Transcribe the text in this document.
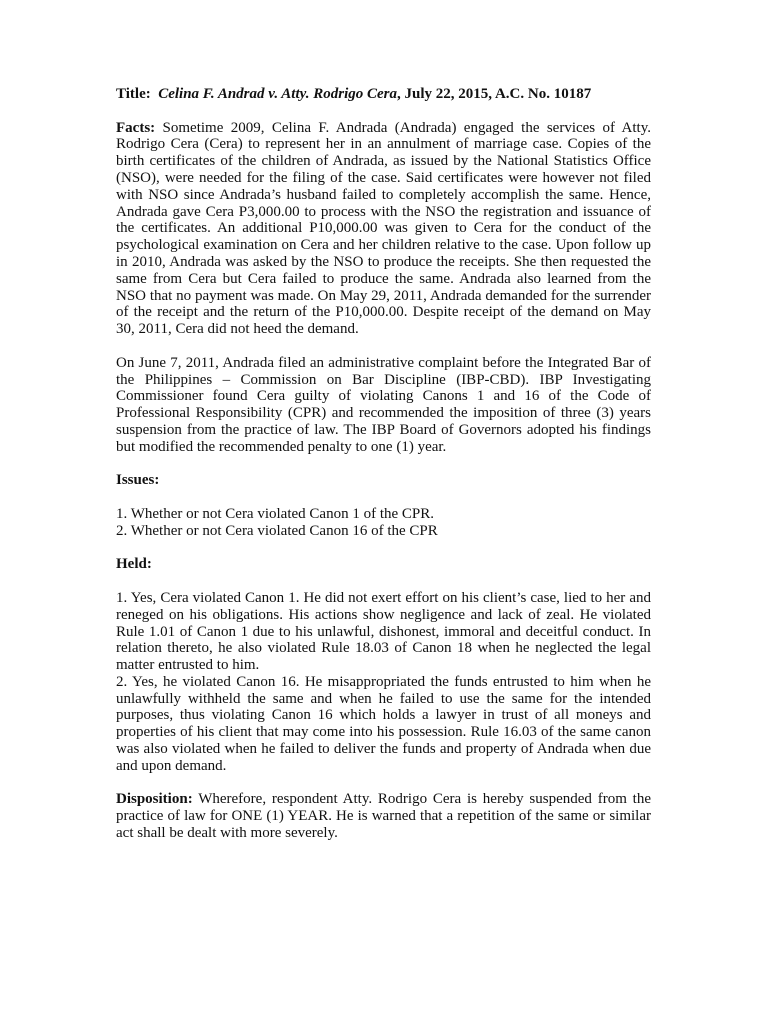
Title: Celina F. Andrad v. Atty. Rodrigo Cera, July 22, 2015, A.C. No. 10187

Facts: Sometime 2009, Celina F. Andrada (Andrada) engaged the services of Atty. Rodrigo Cera (Cera) to represent her in an annulment of marriage case. Copies of the birth certificates of the children of Andrada, as issued by the National Statistics Office (NSO), were needed for the filing of the case. Said certificates were however not filed with NSO since Andrada’s husband failed to completely accomplish the same. Hence, Andrada gave Cera P3,000.00 to process with the NSO the registration and issuance of the certificates. An additional P10,000.00 was given to Cera for the conduct of the psychological examination on Cera and her children relative to the case. Upon follow up in 2010, Andrada was asked by the NSO to produce the receipts. She then requested the same from Cera but Cera failed to produce the same. Andrada also learned from the NSO that no payment was made. On May 29, 2011, Andrada demanded for the surrender of the receipt and the return of the P10,000.00. Despite receipt of the demand on May 30, 2011, Cera did not heed the demand.

On June 7, 2011, Andrada filed an administrative complaint before the Integrated Bar of the Philippines – Commission on Bar Discipline (IBP-CBD). IBP Investigating Commissioner found Cera guilty of violating Canons 1 and 16 of the Code of Professional Responsibility (CPR) and recommended the imposition of three (3) years suspension from the practice of law. The IBP Board of Governors adopted his findings but modified the recommended penalty to one (1) year.

Issues:
1. Whether or not Cera violated Canon 1 of the CPR.
2. Whether or not Cera violated Canon 16 of the CPR
Held:
1. Yes, Cera violated Canon 1. He did not exert effort on his client’s case, lied to her and reneged on his obligations. His actions show negligence and lack of zeal. He violated Rule 1.01 of Canon 1 due to his unlawful, dishonest, immoral and deceitful conduct. In relation thereto, he also violated Rule 18.03 of Canon 18 when he neglected the legal matter entrusted to him.
2. Yes, he violated Canon 16. He misappropriated the funds entrusted to him when he unlawfully withheld the same and when he failed to use the same for the intended purposes, thus violating Canon 16 which holds a lawyer in trust of all moneys and properties of his client that may come into his possession. Rule 16.03 of the same canon was also violated when he failed to deliver the funds and property of Andrada when due and upon demand.

Disposition: Wherefore, respondent Atty. Rodrigo Cera is hereby suspended from the practice of law for ONE (1) YEAR. He is warned that a repetition of the same or similar act shall be dealt with more severely.
